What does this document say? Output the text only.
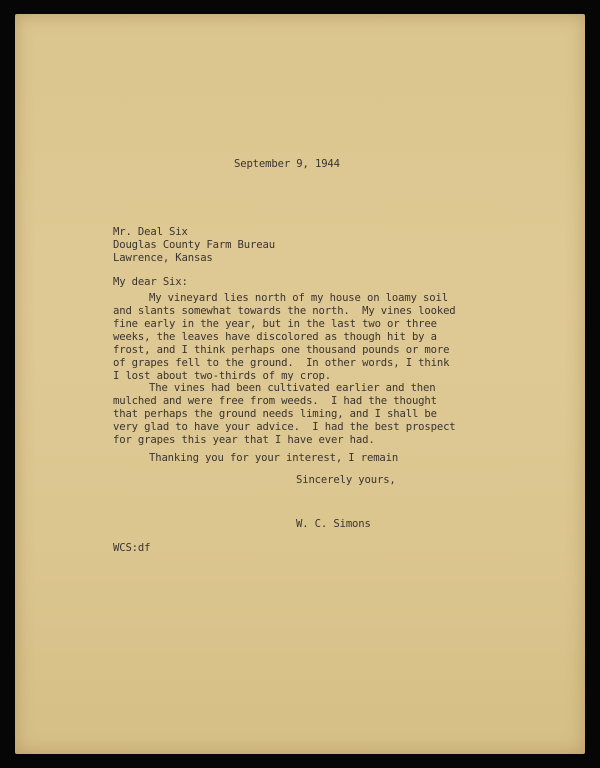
September 9, 1944
Mr. Deal Six
Douglas County Farm Bureau
Lawrence, Kansas
My dear Six:
My vineyard lies north of my house on loamy soil
and slants somewhat towards the north.  My vines looked
fine early in the year, but in the last two or three
weeks, the leaves have discolored as though hit by a
frost, and I think perhaps one thousand pounds or more
of grapes fell to the ground.  In other words, I think
I lost about two-thirds of my crop.
The vines had been cultivated earlier and then
mulched and were free from weeds.  I had the thought
that perhaps the ground needs liming, and I shall be
very glad to have your advice.  I had the best prospect
for grapes this year that I have ever had.
Thanking you for your interest, I remain
Sincerely yours,
W. C. Simons
WCS:df
